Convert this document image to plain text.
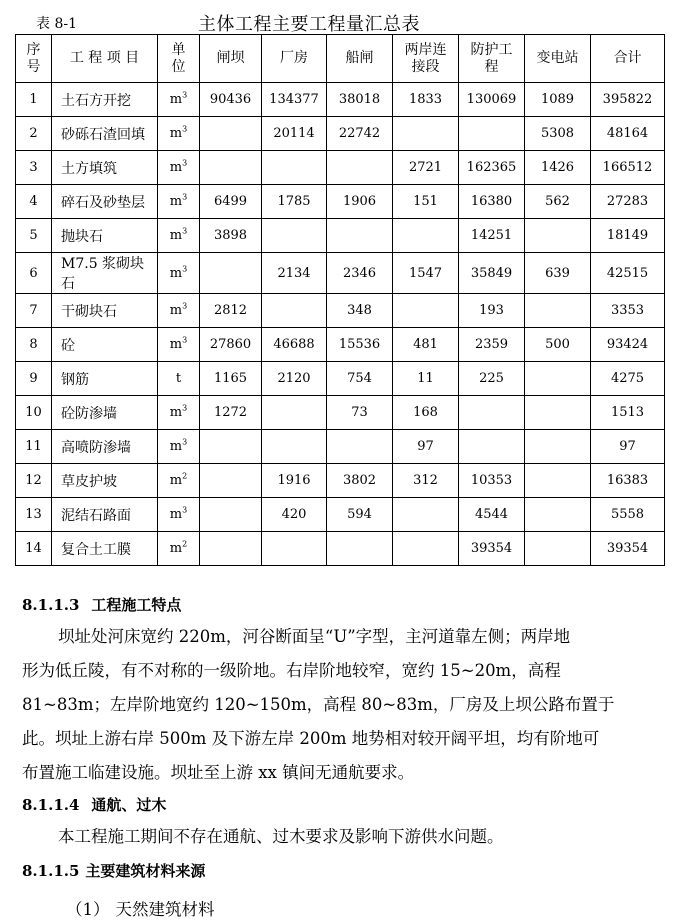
表 8-1	主体工程主要工程量汇总表
序号	工 程 项 目	单位	闸坝	厂房	船闸	两岸连接段	防护工程	变电站	合计
1	土石方开挖	$m^3$	90436	134377	38018	1833	130069	1089	395822
2	砂砾石渣回填	$m^3$		20114	22742			5308	48164
3	土方填筑	$m^3$				2721	162365	1426	166512
4	碎石及砂垫层	$m^3$	6499	1785	1906	151	16380	562	27283
5	抛块石	$m^3$	3898				14251		18149
6	M7.5 浆砌块石	$m^3$		2134	2346	1547	35849	639	42515
7	干砌块石	$m^3$	2812		348		193		3353
8	砼	$m^3$	27860	46688	15536	481	2359	500	93424
9	钢筋	t	1165	2120	754	11	225		4275
10	砼防渗墙	$m^3$	1272		73	168			1513
11	高喷防渗墙	$m^3$				97			97
12	草皮护坡	$m^2$		1916	3802	312	10353		16383
13	泥结石路面	$m^3$		420	594		4544		5558
14	复合土工膜	$m^2$					39354		39354
8.1.1.3 工程施工特点
坝址处河床宽约 220m，河谷断面呈“U”字型，主河道靠左侧；两岸地
形为低丘陵，有不对称的一级阶地。右岸阶地较窄，宽约 15~20m，高程
81~83m；左岸阶地宽约 120~150m，高程 80~83m，厂房及上坝公路布置于
此。坝址上游右岸 500m 及下游左岸 200m 地势相对较开阔平坦，均有阶地可
布置施工临建设施。坝址至上游 xx 镇间无通航要求。
8.1.1.4 通航、过木
本工程施工期间不存在通航、过木要求及影响下游供水问题。
8.1.1.5 主要建筑材料来源
（1） 天然建筑材料
